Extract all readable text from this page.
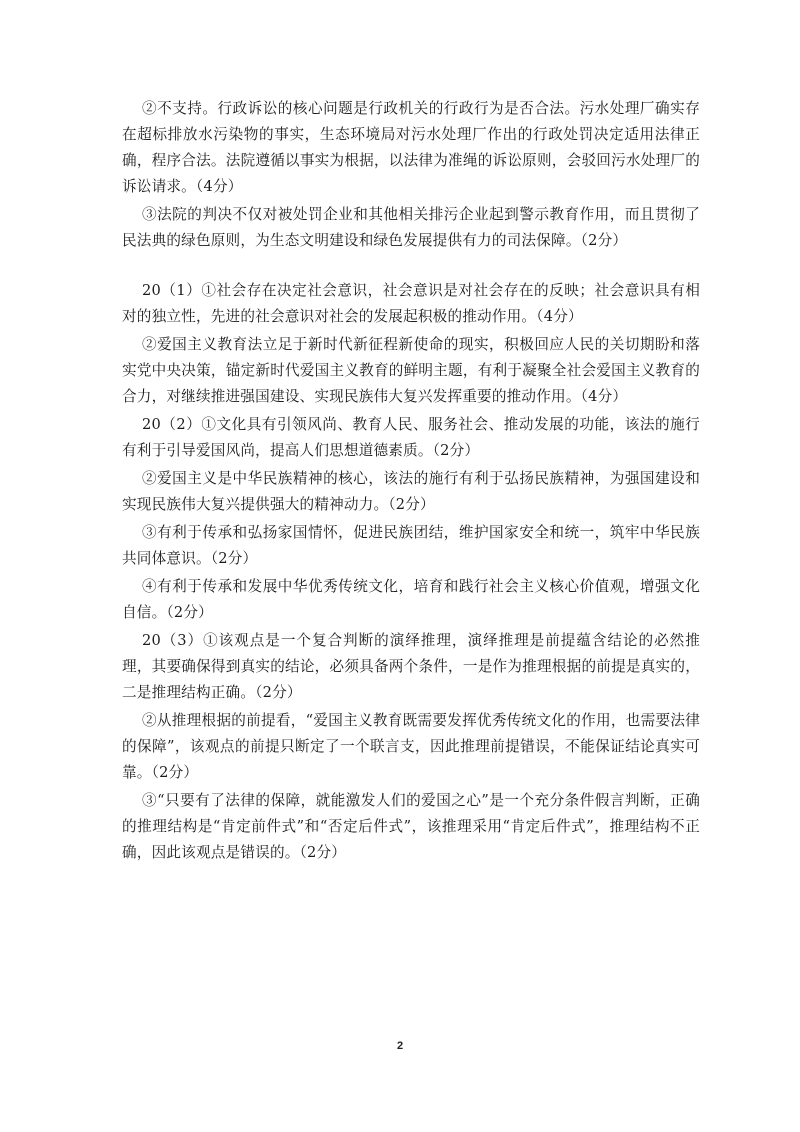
②不支持。行政诉讼的核心问题是行政机关的行政行为是否合法。污水处理厂确实存在超标排放水污染物的事实，生态环境局对污水处理厂作出的行政处罚决定适用法律正确，程序合法。法院遵循以事实为根据，以法律为准绳的诉讼原则，会驳回污水处理厂的诉讼请求。（4分）

③法院的判决不仅对被处罚企业和其他相关排污企业起到警示教育作用，而且贯彻了民法典的绿色原则，为生态文明建设和绿色发展提供有力的司法保障。（2分）

20（1）①社会存在决定社会意识，社会意识是对社会存在的反映；社会意识具有相对的独立性，先进的社会意识对社会的发展起积极的推动作用。（4分）

②爱国主义教育法立足于新时代新征程新使命的现实，积极回应人民的关切期盼和落实党中央决策，锚定新时代爱国主义教育的鲜明主题，有利于凝聚全社会爱国主义教育的合力，对继续推进强国建设、实现民族伟大复兴发挥重要的推动作用。（4分）

20（2）①文化具有引领风尚、教育人民、服务社会、推动发展的功能，该法的施行有利于引导爱国风尚，提高人们思想道德素质。（2分）

②爱国主义是中华民族精神的核心，该法的施行有利于弘扬民族精神，为强国建设和实现民族伟大复兴提供强大的精神动力。（2分）

③有利于传承和弘扬家国情怀，促进民族团结，维护国家安全和统一，筑牢中华民族共同体意识。（2分）

④有利于传承和发展中华优秀传统文化，培育和践行社会主义核心价值观，增强文化自信。（2分）

20（3）①该观点是一个复合判断的演绎推理，演绎推理是前提蕴含结论的必然推理，其要确保得到真实的结论，必须具备两个条件，一是作为推理根据的前提是真实的，二是推理结构正确。（2分）

②从推理根据的前提看，“爱国主义教育既需要发挥优秀传统文化的作用，也需要法律的保障”，该观点的前提只断定了一个联言支，因此推理前提错误，不能保证结论真实可靠。（2分）

③“只要有了法律的保障，就能激发人们的爱国之心”是一个充分条件假言判断，正确的推理结构是“肯定前件式”和“否定后件式”，该推理采用“肯定后件式”，推理结构不正确，因此该观点是错误的。（2分）

2
